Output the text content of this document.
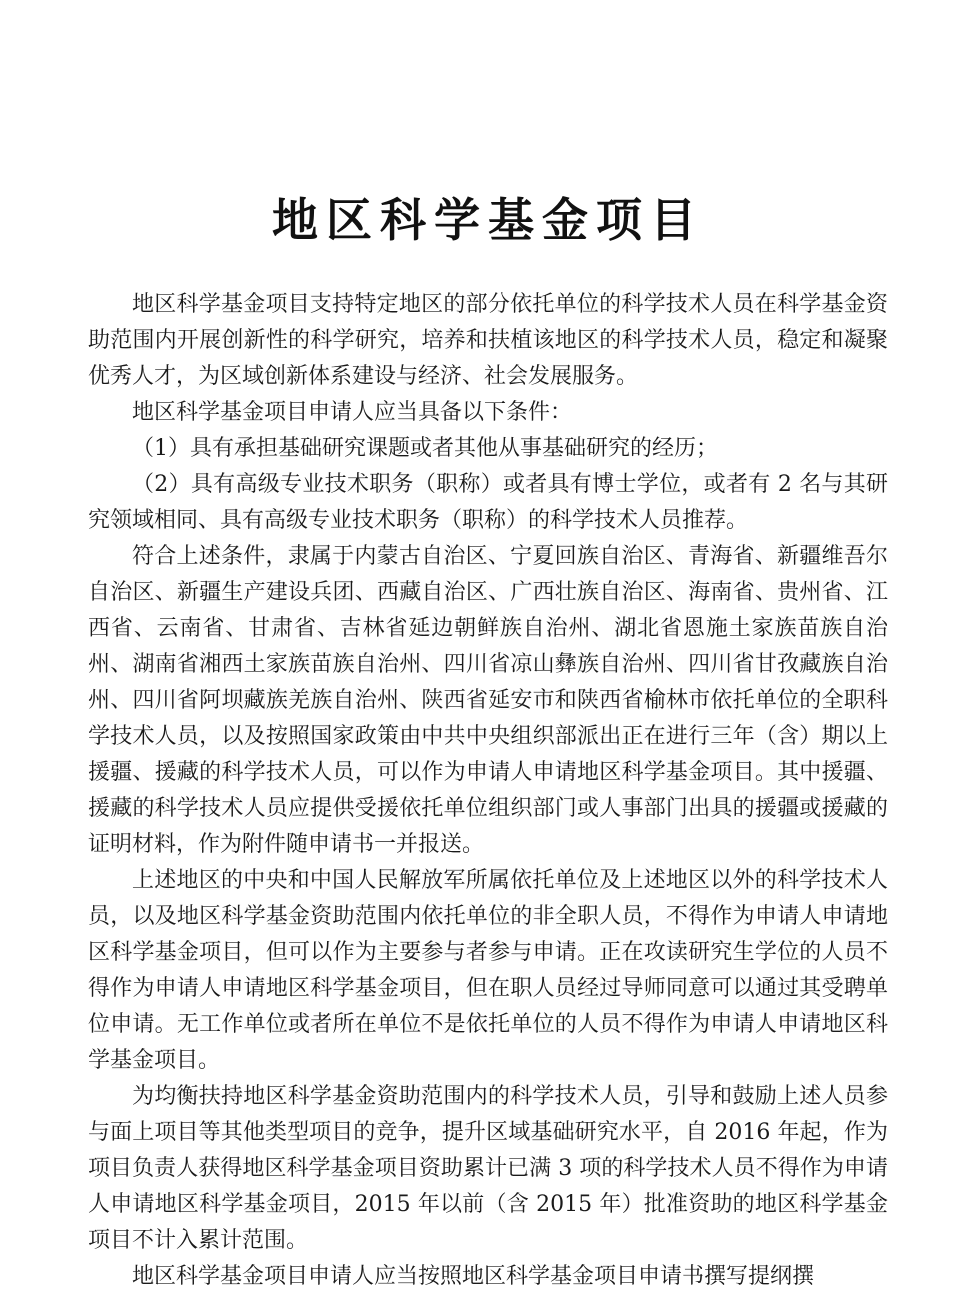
地区科学基金项目

地区科学基金项目支持特定地区的部分依托单位的科学技术人员在科学基金资助范围内开展创新性的科学研究，培养和扶植该地区的科学技术人员，稳定和凝聚优秀人才，为区域创新体系建设与经济、社会发展服务。

地区科学基金项目申请人应当具备以下条件：

（1）具有承担基础研究课题或者其他从事基础研究的经历；

（2）具有高级专业技术职务（职称）或者具有博士学位，或者有 2 名与其研究领域相同、具有高级专业技术职务（职称）的科学技术人员推荐。

符合上述条件，隶属于内蒙古自治区、宁夏回族自治区、青海省、新疆维吾尔自治区、新疆生产建设兵团、西藏自治区、广西壮族自治区、海南省、贵州省、江西省、云南省、甘肃省、吉林省延边朝鲜族自治州、湖北省恩施土家族苗族自治州、湖南省湘西土家族苗族自治州、四川省凉山彝族自治州、四川省甘孜藏族自治州、四川省阿坝藏族羌族自治州、陕西省延安市和陕西省榆林市依托单位的全职科学技术人员，以及按照国家政策由中共中央组织部派出正在进行三年（含）期以上援疆、援藏的科学技术人员，可以作为申请人申请地区科学基金项目。其中援疆、援藏的科学技术人员应提供受援依托单位组织部门或人事部门出具的援疆或援藏的证明材料，作为附件随申请书一并报送。

上述地区的中央和中国人民解放军所属依托单位及上述地区以外的科学技术人员，以及地区科学基金资助范围内依托单位的非全职人员，不得作为申请人申请地区科学基金项目，但可以作为主要参与者参与申请。正在攻读研究生学位的人员不得作为申请人申请地区科学基金项目，但在职人员经过导师同意可以通过其受聘单位申请。无工作单位或者所在单位不是依托单位的人员不得作为申请人申请地区科学基金项目。

为均衡扶持地区科学基金资助范围内的科学技术人员，引导和鼓励上述人员参与面上项目等其他类型项目的竞争，提升区域基础研究水平，自 2016 年起，作为项目负责人获得地区科学基金项目资助累计已满 3 项的科学技术人员不得作为申请人申请地区科学基金项目，2015 年以前（含 2015 年）批准资助的地区科学基金项目不计入累计范围。

地区科学基金项目申请人应当按照地区科学基金项目申请书撰写提纲撰
